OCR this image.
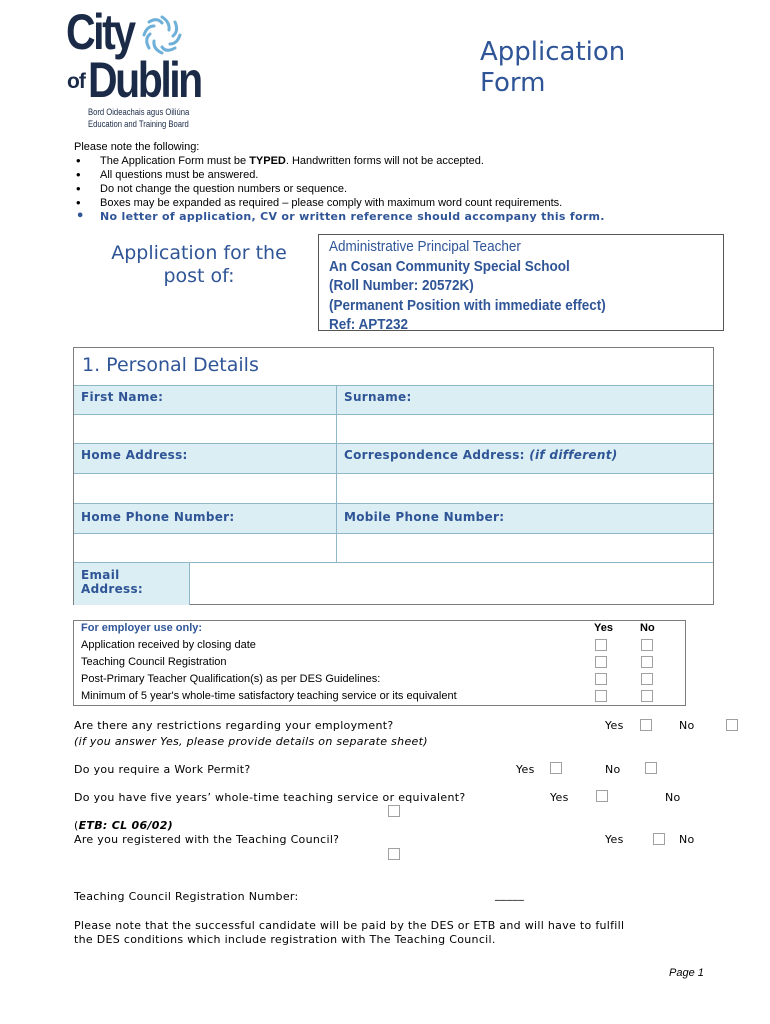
City
of Dublin
Bord Oideachais agus Oiliúna
Education and Training Board
Application Form
Please note the following:
• The Application Form must be TYPED. Handwritten forms will not be accepted.
• All questions must be answered.
• Do not change the question numbers or sequence.
• Boxes may be expanded as required – please comply with maximum word count requirements.
• No letter of application, CV or written reference should accompany this form.
Application for the post of:
Administrative Principal Teacher
An Cosan Community Special School
(Roll Number: 20572K)
(Permanent Position with immediate effect)
Ref: APT232
1. Personal Details
First Name:	Surname:
Home Address:	Correspondence Address: (if different)
Home Phone Number:	Mobile Phone Number:
Email
Address:
For employer use only:	Yes No
Application received by closing date
Teaching Council Registration
Post-Primary Teacher Qualification(s) as per DES Guidelines:
Minimum of 5 year's whole-time satisfactory teaching service or its equivalent
Are there any restrictions regarding your employment?
(if you answer Yes, please provide details on separate sheet)
Yes	No
Do you require a Work Permit?	Yes	No
Do you have five years’ whole-time teaching service or equivalent?	Yes	No
(ETB: CL 06/02)
Are you registered with the Teaching Council?	Yes	No
Teaching Council Registration Number:	_____
Please note that the successful candidate will be paid by the DES or ETB and will have to fulfill
the DES conditions which include registration with The Teaching Council.
Page 1
